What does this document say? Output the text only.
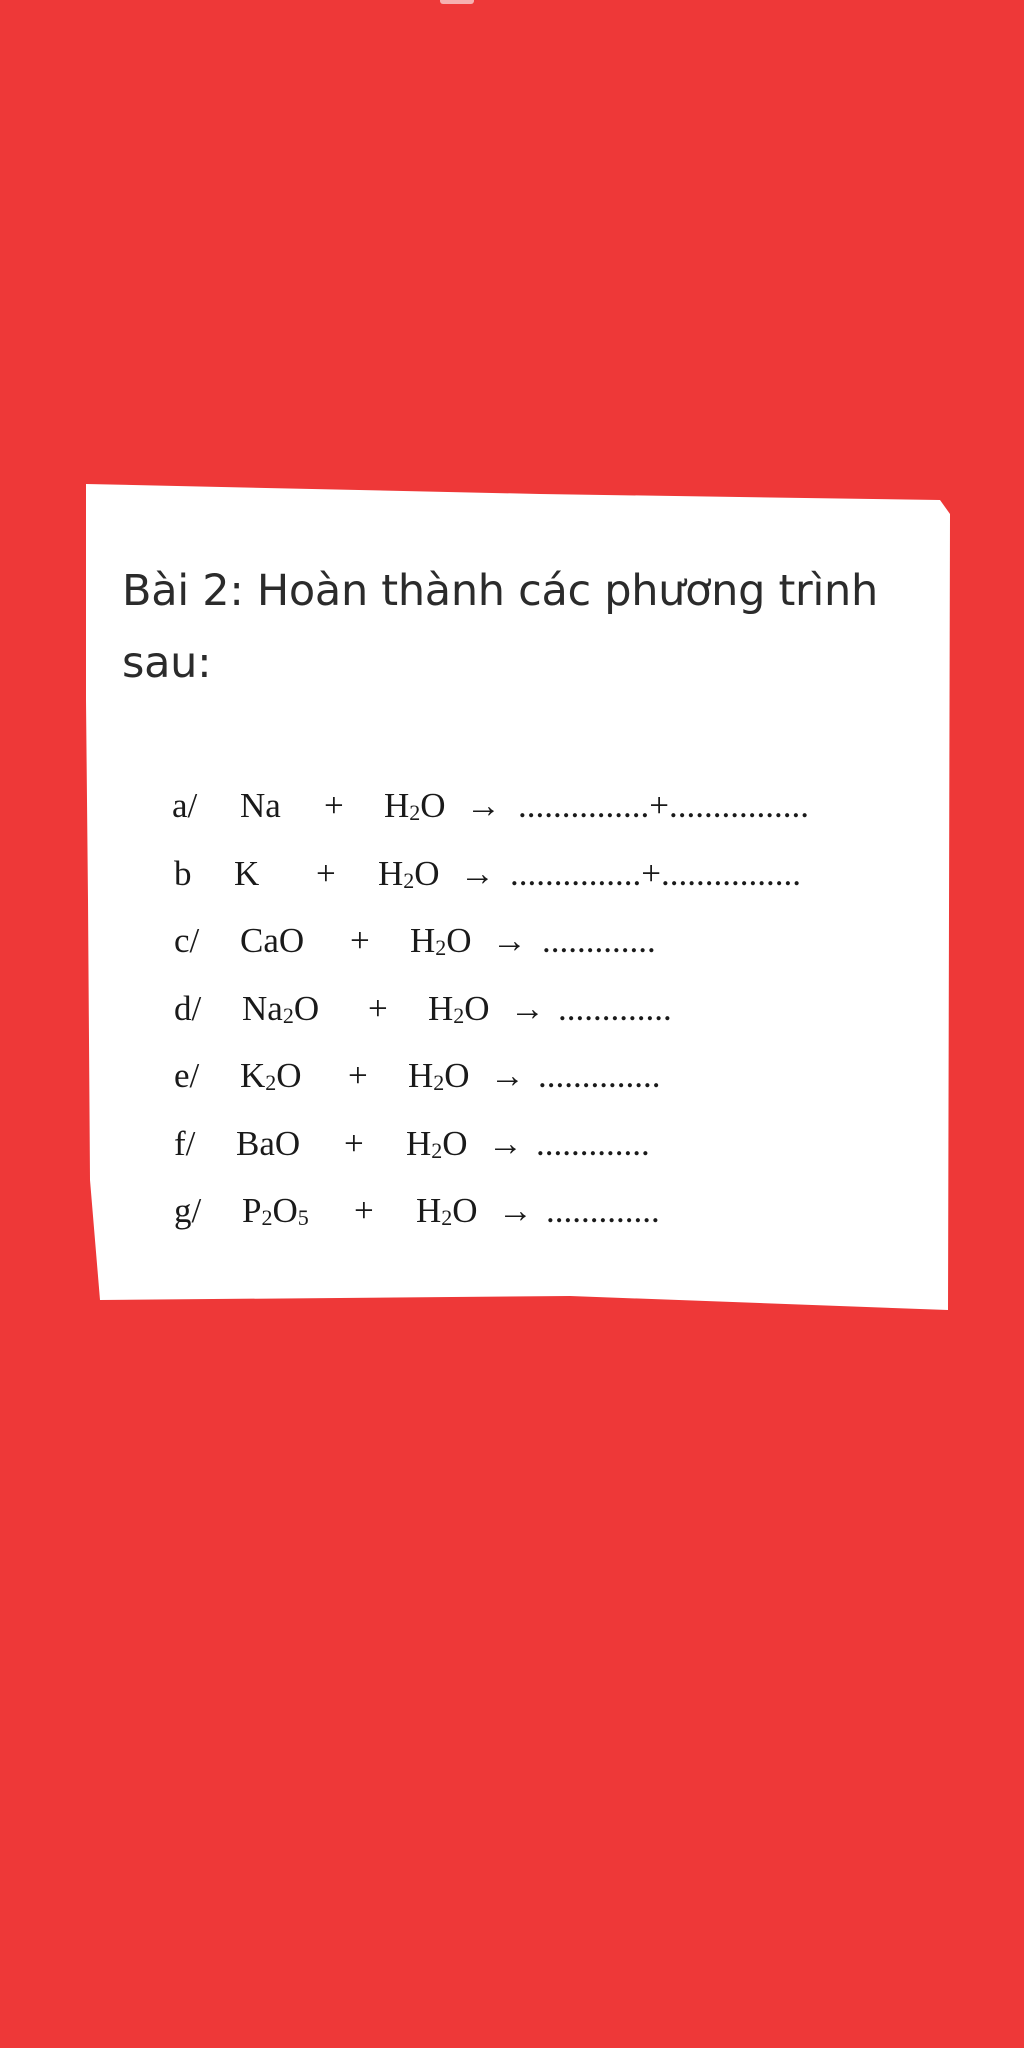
Bài 2: Hoàn thành các phương trình sau:
a/ $Na + H_2O$ → ...............+................
b $K + H_2O$ → ...............+................
c/ CaO + $H_2O$ → .............
d/ $Na_2O + H_2O$ → .............
e/ $K_2O + H_2O$ → ..............
f/ BaO + $H_2O$ → .............
g/ $P_2O_5 + H_2O$ → .............
